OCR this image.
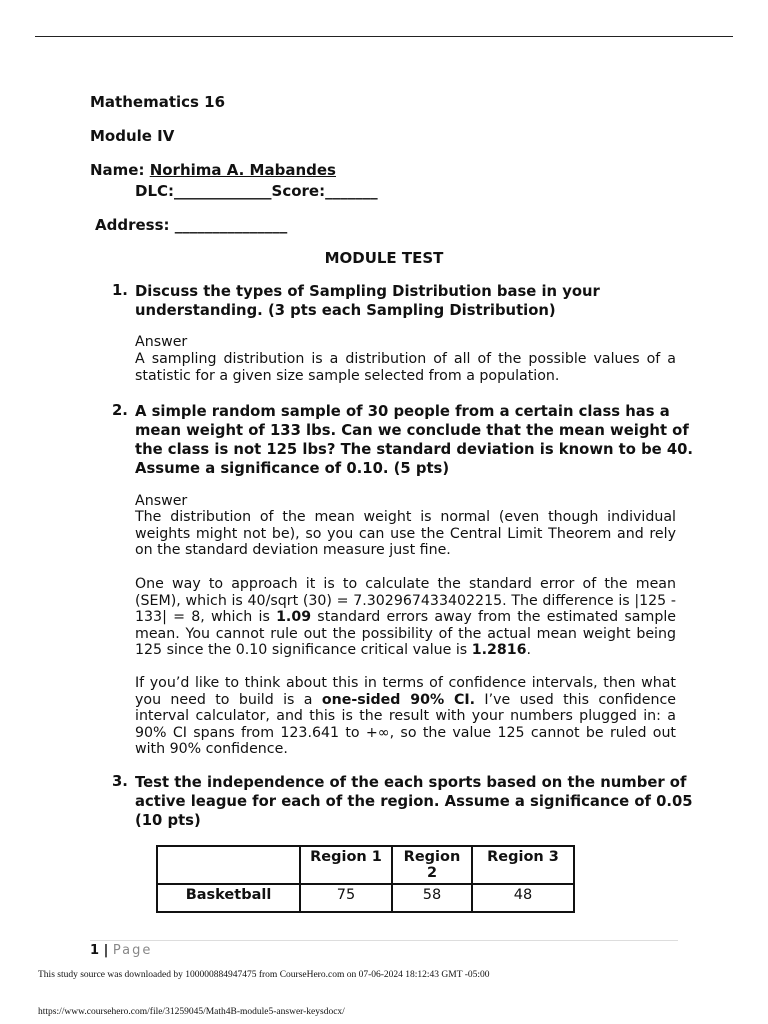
Mathematics 16
Module IV
Name: Norhima A. Mabandes
DLC:_____________Score:_______
Address: _______________
MODULE TEST
1. Discuss the types of Sampling Distribution base in your
understanding. (3 pts each Sampling Distribution)
Answer
A sampling distribution is a distribution of all of the possible values of a statistic for a given size sample selected from a population.
2. A simple random sample of 30 people from a certain class has a
mean weight of 133 lbs. Can we conclude that the mean weight of
the class is not 125 lbs? The standard deviation is known to be 40.
Assume a significance of 0.10. (5 pts)
Answer
The distribution of the mean weight is normal (even though individual weights might not be), so you can use the Central Limit Theorem and rely on the standard deviation measure just fine.
One way to approach it is to calculate the standard error of the mean (SEM), which is 40/sqrt (30) = 7.302967433402215. The difference is |125 - 133| = 8, which is 1.09 standard errors away from the estimated sample mean. You cannot rule out the possibility of the actual mean weight being 125 since the 0.10 significance critical value is 1.2816.
If you’d like to think about this in terms of confidence intervals, then what you need to build is a one-sided 90% CI. I’ve used this confidence interval calculator, and this is the result with your numbers plugged in: a 90% CI spans from 123.641 to +∞, so the value 125 cannot be ruled out with 90% confidence.
3. Test the independence of the each sports based on the number of
active league for each of the region. Assume a significance of 0.05
(10 pts)
	Region 1	Region 2	Region 3
Basketball	75	58	48
1 | Page
This study source was downloaded by 100000884947475 from CourseHero.com on 07-06-2024 18:12:43 GMT -05:00
https://www.coursehero.com/file/31259045/Math4B-module5-answer-keysdocx/
